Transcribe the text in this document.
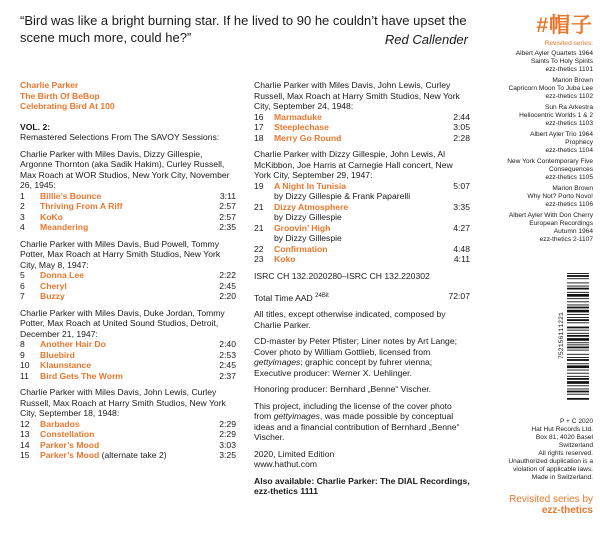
“Bird was like a bright burning star. If he lived to 90 he couldn’t have upset the scene much more, could he?”	Red Callender
Charlie Parker
The Birth Of BeBop
Celebrating Bird At 100
VOL. 2:
Remastered Selections From The SAVOY Sessions:
Charlie Parker with Miles Davis, Dizzy Gillespie, Argonne Thornton (aka Sadik Hakim), Curley Russell, Max Roach at WOR Studios, New York City, November 26, 1945:
1	Billie’s Bounce	3:11
2	Thriving From A Riff	2:57
3	KoKo	2:57
4	Meandering	2:35
Charlie Parker with Miles Davis, Bud Powell, Tommy Potter, Max Roach at Harry Smith Studios, New York City, May 8, 1947:
5	Donna Lee	2:22
6	Cheryl	2:45
7	Buzzy	2:20
Charlie Parker with Miles Davis, Duke Jordan, Tommy Potter, Max Roach at United Sound Studios, Detroit, December 21, 1947:
8	Another Hair Do	2:40
9	Bluebird	2:53
10	Klaunstance	2:45
11	Bird Gets The Worm	2:37
Charlie Parker with Miles Davis, John Lewis, Curley Russell, Max Roach at Harry Smith Studios, New York City, September 18, 1948:
12	Barbados	2:29
13	Constellation	2:29
14	Parker’s Mood	3:03
15	Parker’s Mood (alternate take 2)	3:25
Charlie Parker with Miles Davis, John Lewis, Curley Russell, Max Roach at Harry Smith Studios, New York City, September 24, 1948:
16	Marmaduke	2:44
17	Steeplechase	3:05
18	Merry Go Round	2:28
Charlie Parker with Dizzy Gillespie, John Lewis, Al McKibbon, Joe Harris at Carnegie Hall concert, New York City, September 29, 1947:
19	A Night In Tunisia	5:07
by Dizzy Gillespie & Frank Paparelli
21	Dizzy Atmosphere	3:35
by Dizzy Gillespie
21	Groovin’ High	4:27
by Dizzy Gillespie
22	Confirmation	4:48
23	Koko	4:11
ISRC CH 132.2020280–ISRC CH 132.220302
Total Time AAD $^{24Bit}$	72:07
All titles, except otherwise indicated, composed by Charlie Parker.
CD-master by Peter Pfister; Liner notes by Art Lange; Cover photo by William Gottlieb, licensed from gettyimages; graphic concept by fuhrer vienna; Executive producer: Werner X. Uehlinger.
Honoring producer: Bernhard „Benne“ Vischer.
This project, including the license of the cover photo from gettyimages, was made possible by conceptual ideas and a financial contribution of Bernhard „Benne“ Vischer.
2020, Limited Edition
www.hathut.com
Also available: Charlie Parker: The DIAL Recordings, ezz-thetics 1111
#帽子
Revisited series:
Albert Ayler Quartets 1964
Saints To Holy Spirits
ezz-thetics 1101
Marion Brown
Capricorn Moon To Juba Lee
ezz-thetics 1102
Sun Ra Arkestra
Heliocentric Worlds 1 & 2
ezz-thetics 1103
Albert Ayler Trio 1964
Prophecy
ezz-thetics 1104
New York Contemporary Five
Consequences
ezz-thetics 1105
Marion Brown
Why Not? Porto Novo!
ezz-thetics 1106
Albert Ayler With Don Cherry
European Recordings
Autumn 1964
ezz-thetics 2-1107
752156111221
P + C 2020
Hat Hut Records Ltd.
Box 81, 4020 Basel
Switzerland
All rights reserved.
Unauthorized duplication is a
violation of applicable laws.
Made in Switzerland.
Revisited series by
ezz-thetics
